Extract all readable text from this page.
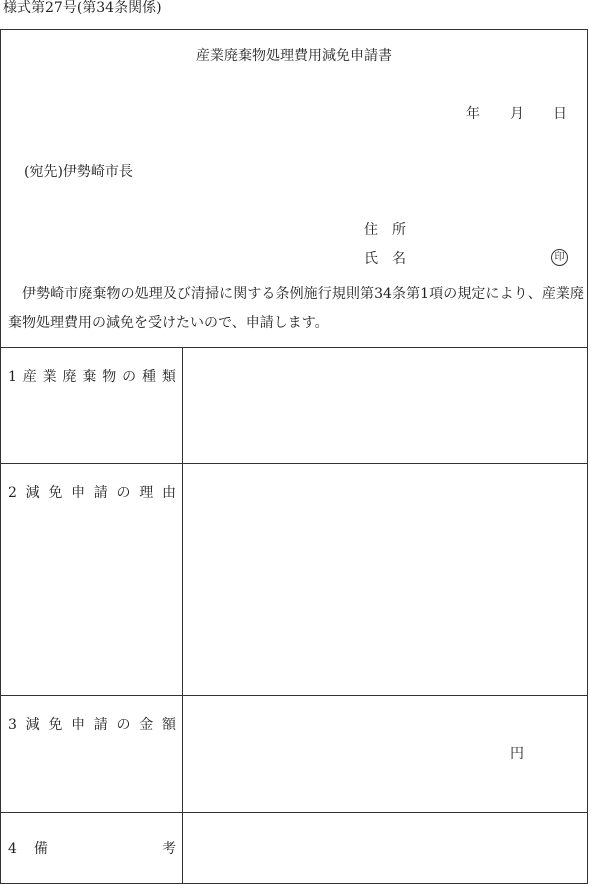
様式第27号(第34条関係)
産業廃棄物処理費用減免申請書
年 月 日
(宛先)伊勢崎市長
住　所
氏　名	印
伊勢崎市廃棄物の処理及び清掃に関する条例施行規則第34条第1項の規定により、産業廃棄物処理費用の減免を受けたいので、申請します。
1 産 業 廃 棄 物 の 種 類
2 減 免 申 請 の 理 由
3 減 免 申 請 の 金 額
円
4 備	考
